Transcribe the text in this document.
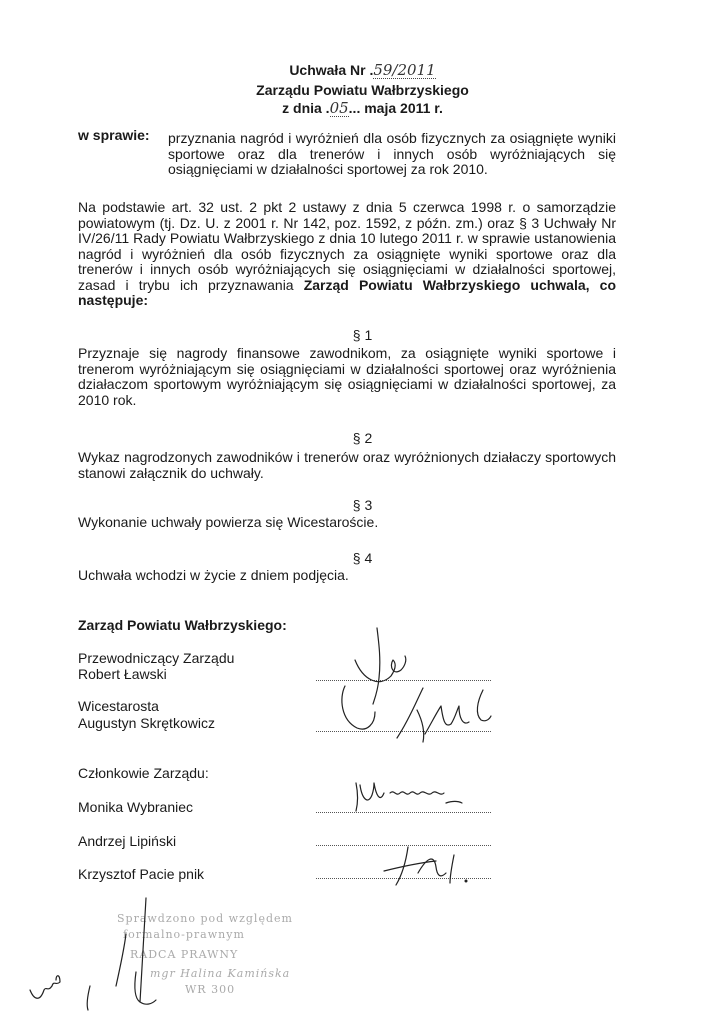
Uchwała Nr .59/2011
Zarządu Powiatu Wałbrzyskiego
z dnia .05... maja 2011 r.
w sprawie: przyznania nagród i wyróżnień dla osób fizycznych za osiągnięte wyniki sportowe oraz dla trenerów i innych osób wyróżniających się osiągnięciami w działalności sportowej za rok 2010.
Na podstawie art. 32 ust. 2 pkt 2 ustawy z dnia 5 czerwca 1998 r. o samorządzie powiatowym (tj. Dz. U. z 2001 r. Nr 142, poz. 1592, z późn. zm.) oraz § 3 Uchwały Nr IV/26/11 Rady Powiatu Wałbrzyskiego z dnia 10 lutego 2011 r. w sprawie ustanowienia nagród i wyróżnień dla osób fizycznych za osiągnięte wyniki sportowe oraz dla trenerów i innych osób wyróżniających się osiągnięciami w działalności sportowej, zasad i trybu ich przyznawania Zarząd Powiatu Wałbrzyskiego uchwala, co następuje:
§ 1
Przyznaje się nagrody finansowe zawodnikom, za osiągnięte wyniki sportowe i trenerom wyróżniającym się osiągnięciami w działalności sportowej oraz wyróżnienia działaczom sportowym wyróżniającym się osiągnięciami w działalności sportowej, za 2010 rok.
§ 2
Wykaz nagrodzonych zawodników i trenerów oraz wyróżnionych działaczy sportowych stanowi załącznik do uchwały.
§ 3
Wykonanie uchwały powierza się Wicestaroście.
§ 4
Uchwała wchodzi w życie z dniem podjęcia.
Zarząd Powiatu Wałbrzyskiego:
Przewodniczący Zarządu
Robert Ławski
Wicestarosta
Augustyn Skrętkowicz
Członkowie Zarządu:
Monika Wybraniec
Andrzej Lipiński
Krzysztof Pacie pnik
Sprawdzono pod względem
formalno-prawnym
RADCA PRAWNY
mgr Halina Kamińska
WR 300
